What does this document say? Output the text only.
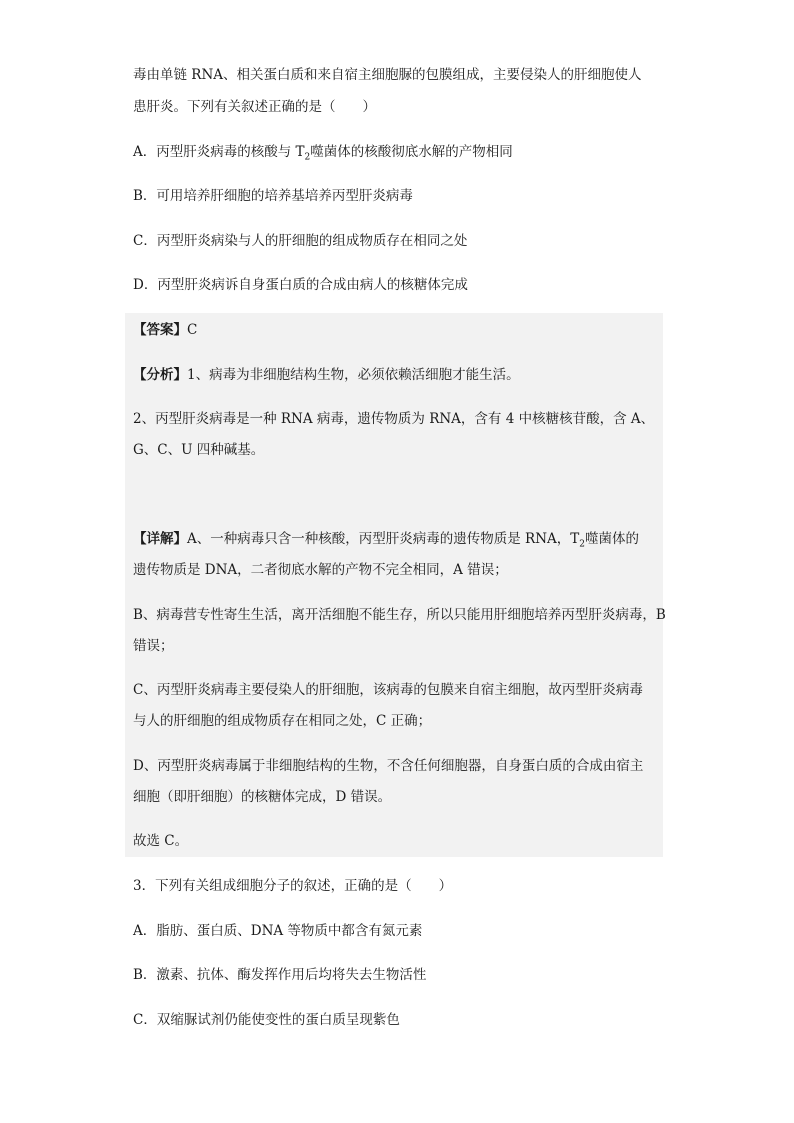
毒由单链 RNA、相关蛋白质和来自宿主细胞脲的包膜组成，主要侵染人的肝细胞使人
患肝炎。下列有关叙述正确的是（　　）
A．丙型肝炎病毒的核酸与 $T_2$噬菌体的核酸彻底水解的产物相同
B．可用培养肝细胞的培养基培养丙型肝炎病毒
C．丙型肝炎病染与人的肝细胞的组成物质存在相同之处
D．丙型肝炎病诉自身蛋白质的合成由病人的核糖体完成
【答案】C
【分析】1、病毒为非细胞结构生物，必须依赖活细胞才能生活。
2、丙型肝炎病毒是一种 RNA 病毒，遗传物质为 RNA，含有 4 中核糖核苷酸，含 A、
G、C、U 四种碱基。
【详解】A、一种病毒只含一种核酸，丙型肝炎病毒的遗传物质是 RNA，$T_2$噬菌体的
遗传物质是 DNA，二者彻底水解的产物不完全相同，A 错误；
B、病毒营专性寄生生活，离开活细胞不能生存，所以只能用肝细胞培养丙型肝炎病毒，B
错误；
C、丙型肝炎病毒主要侵染人的肝细胞，该病毒的包膜来自宿主细胞，故丙型肝炎病毒
与人的肝细胞的组成物质存在相同之处，C 正确；
D、丙型肝炎病毒属于非细胞结构的生物，不含任何细胞器，自身蛋白质的合成由宿主
细胞（即肝细胞）的核糖体完成，D 错误。
故选 C。
3．下列有关组成细胞分子的叙述，正确的是（　　）
A．脂肪、蛋白质、DNA 等物质中都含有氮元素
B．激素、抗体、酶发挥作用后均将失去生物活性
C．双缩脲试剂仍能使变性的蛋白质呈现紫色
